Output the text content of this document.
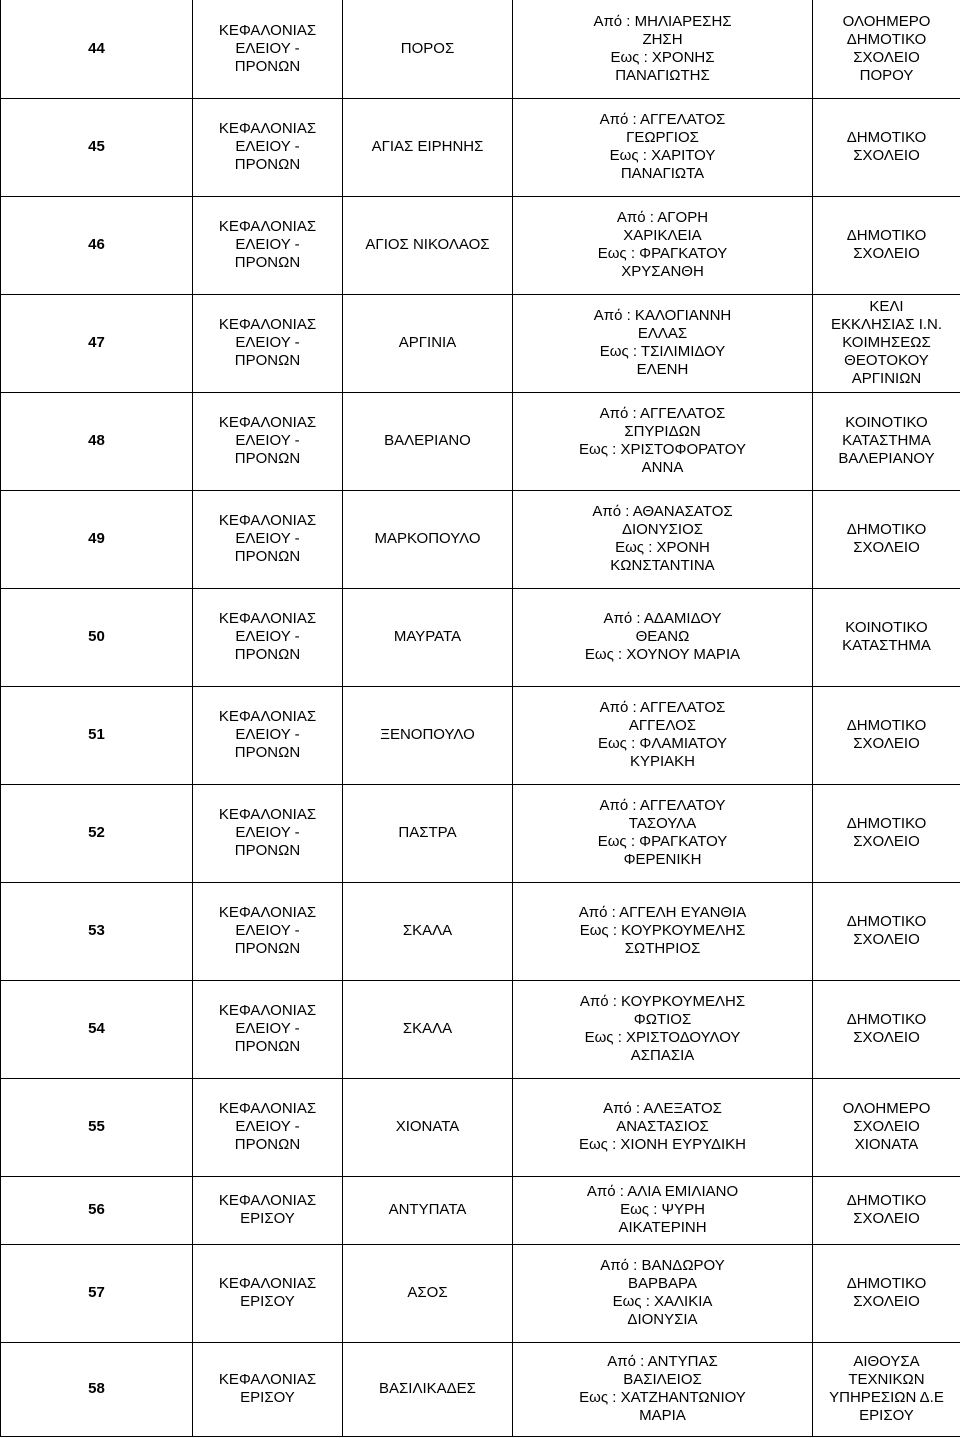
44	ΚΕΦΑΛΟΝΙΑΣ
ΕΛΕΙΟΥ -
ΠΡΟΝΩΝ	ΠΟΡΟΣ	Από : ΜΗΛΙΑΡΕΣΗΣ
ΖΗΣΗ
Εως : ΧΡΟΝΗΣ
ΠΑΝΑΓΙΩΤΗΣ	ΟΛΟΗΜΕΡΟ
ΔΗΜΟΤΙΚΟ
ΣΧΟΛΕΙΟ
ΠΟΡΟΥ
45	ΚΕΦΑΛΟΝΙΑΣ
ΕΛΕΙΟΥ -
ΠΡΟΝΩΝ	ΑΓΙΑΣ ΕΙΡΗΝΗΣ	Από : ΑΓΓΕΛΑΤΟΣ
ΓΕΩΡΓΙΟΣ
Εως : ΧΑΡΙΤΟΥ
ΠΑΝΑΓΙΩΤΑ	ΔΗΜΟΤΙΚΟ
ΣΧΟΛΕΙΟ
46	ΚΕΦΑΛΟΝΙΑΣ
ΕΛΕΙΟΥ -
ΠΡΟΝΩΝ	ΑΓΙΟΣ ΝΙΚΟΛΑΟΣ	Από : ΑΓΟΡΗ
ΧΑΡΙΚΛΕΙΑ
Εως : ΦΡΑΓΚΑΤΟΥ
ΧΡΥΣΑΝΘΗ	ΔΗΜΟΤΙΚΟ
ΣΧΟΛΕΙΟ
47	ΚΕΦΑΛΟΝΙΑΣ
ΕΛΕΙΟΥ -
ΠΡΟΝΩΝ	ΑΡΓΙΝΙΑ	Από : ΚΑΛΟΓΙΑΝΝΗ
ΕΛΛΑΣ
Εως : ΤΣΙΛΙΜΙΔΟΥ
ΕΛΕΝΗ	ΚΕΛΙ
ΕΚΚΛΗΣΙΑΣ Ι.Ν.
ΚΟΙΜΗΣΕΩΣ
ΘΕΟΤΟΚΟΥ
ΑΡΓΙΝΙΩΝ
48	ΚΕΦΑΛΟΝΙΑΣ
ΕΛΕΙΟΥ -
ΠΡΟΝΩΝ	ΒΑΛΕΡΙΑΝΟ	Από : ΑΓΓΕΛΑΤΟΣ
ΣΠΥΡΙΔΩΝ
Εως : ΧΡΙΣΤΟΦΟΡΑΤΟΥ
ΑΝΝΑ	ΚΟΙΝΟΤΙΚΟ
ΚΑΤΑΣΤΗΜΑ
ΒΑΛΕΡΙΑΝΟΥ
49	ΚΕΦΑΛΟΝΙΑΣ
ΕΛΕΙΟΥ -
ΠΡΟΝΩΝ	ΜΑΡΚΟΠΟΥΛΟ	Από : ΑΘΑΝΑΣΑΤΟΣ
ΔΙΟΝΥΣΙΟΣ
Εως : ΧΡΟΝΗ
ΚΩΝΣΤΑΝΤΙΝΑ	ΔΗΜΟΤΙΚΟ
ΣΧΟΛΕΙΟ
50	ΚΕΦΑΛΟΝΙΑΣ
ΕΛΕΙΟΥ -
ΠΡΟΝΩΝ	ΜΑΥΡΑΤΑ	Από : ΑΔΑΜΙΔΟΥ
ΘΕΑΝΩ
Εως : ΧΟΥΝΟΥ ΜΑΡΙΑ	ΚΟΙΝΟΤΙΚΟ
ΚΑΤΑΣΤΗΜΑ
51	ΚΕΦΑΛΟΝΙΑΣ
ΕΛΕΙΟΥ -
ΠΡΟΝΩΝ	ΞΕΝΟΠΟΥΛΟ	Από : ΑΓΓΕΛΑΤΟΣ
ΑΓΓΕΛΟΣ
Εως : ΦΛΑΜΙΑΤΟΥ
ΚΥΡΙΑΚΗ	ΔΗΜΟΤΙΚΟ
ΣΧΟΛΕΙΟ
52	ΚΕΦΑΛΟΝΙΑΣ
ΕΛΕΙΟΥ -
ΠΡΟΝΩΝ	ΠΑΣΤΡΑ	Από : ΑΓΓΕΛΑΤΟΥ
ΤΑΣΟΥΛΑ
Εως : ΦΡΑΓΚΑΤΟΥ
ΦΕΡΕΝΙΚΗ	ΔΗΜΟΤΙΚΟ
ΣΧΟΛΕΙΟ
53	ΚΕΦΑΛΟΝΙΑΣ
ΕΛΕΙΟΥ -
ΠΡΟΝΩΝ	ΣΚΑΛΑ	Από : ΑΓΓΕΛΗ ΕΥΑΝΘΙΑ
Εως : ΚΟΥΡΚΟΥΜΕΛΗΣ
ΣΩΤΗΡΙΟΣ	ΔΗΜΟΤΙΚΟ
ΣΧΟΛΕΙΟ
54	ΚΕΦΑΛΟΝΙΑΣ
ΕΛΕΙΟΥ -
ΠΡΟΝΩΝ	ΣΚΑΛΑ	Από : ΚΟΥΡΚΟΥΜΕΛΗΣ
ΦΩΤΙΟΣ
Εως : ΧΡΙΣΤΟΔΟΥΛΟΥ
ΑΣΠΑΣΙΑ	ΔΗΜΟΤΙΚΟ
ΣΧΟΛΕΙΟ
55	ΚΕΦΑΛΟΝΙΑΣ
ΕΛΕΙΟΥ -
ΠΡΟΝΩΝ	ΧΙΟΝΑΤΑ	Από : ΑΛΕΞΑΤΟΣ
ΑΝΑΣΤΑΣΙΟΣ
Εως : ΧΙΟΝΗ ΕΥΡΥΔΙΚΗ	ΟΛΟΗΜΕΡΟ
ΣΧΟΛΕΙΟ
ΧΙΟΝΑΤΑ
56	ΚΕΦΑΛΟΝΙΑΣ
ΕΡΙΣΟΥ	ΑΝΤΥΠΑΤΑ	Από : ΑΛΙΑ ΕΜΙΛΙΑΝΟ
Εως : ΨΥΡΗ
ΑΙΚΑΤΕΡΙΝΗ	ΔΗΜΟΤΙΚΟ
ΣΧΟΛΕΙΟ
57	ΚΕΦΑΛΟΝΙΑΣ
ΕΡΙΣΟΥ	ΑΣΟΣ	Από : ΒΑΝΔΩΡΟΥ
ΒΑΡΒΑΡΑ
Εως : ΧΑΛΙΚΙΑ
ΔΙΟΝΥΣΙΑ	ΔΗΜΟΤΙΚΟ
ΣΧΟΛΕΙΟ
58	ΚΕΦΑΛΟΝΙΑΣ
ΕΡΙΣΟΥ	ΒΑΣΙΛΙΚΑΔΕΣ	Από : ΑΝΤΥΠΑΣ
ΒΑΣΙΛΕΙΟΣ
Εως : ΧΑΤΖΗΑΝΤΩΝΙΟΥ
ΜΑΡΙΑ	ΑΙΘΟΥΣΑ
ΤΕΧΝΙΚΩΝ
ΥΠΗΡΕΣΙΩΝ Δ.Ε
ΕΡΙΣΟΥ
